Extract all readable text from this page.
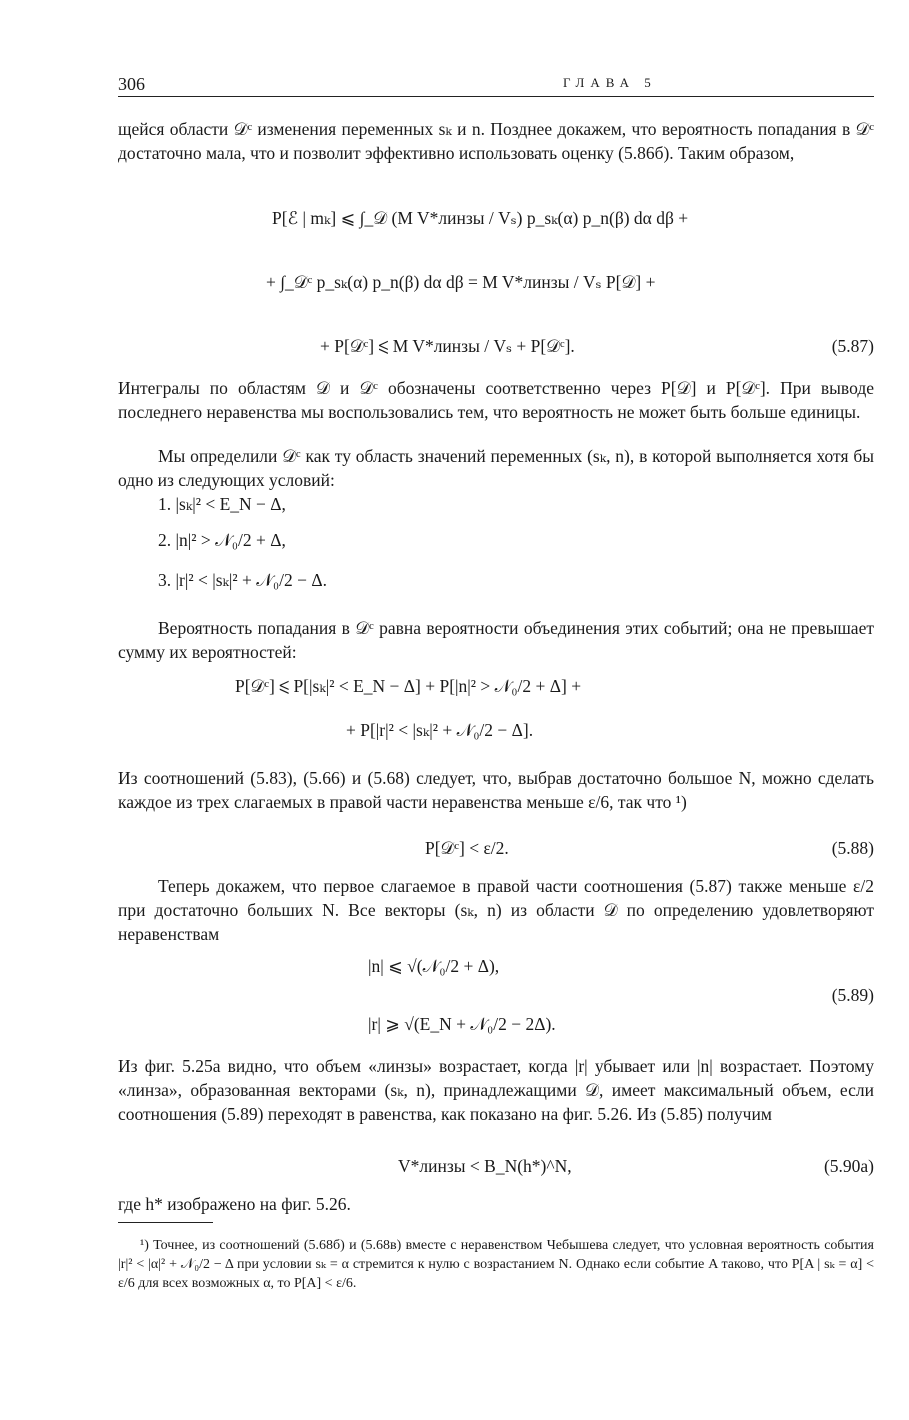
306	ГЛАВА 5

щейся области 𝒟ᶜ изменения переменных sₖ и n. Позднее докажем, что вероятность попадания в 𝒟ᶜ достаточно мала, что и позволит эффективно использовать оценку (5.86б). Таким образом,

P[ℰ | mₖ] ⩽ ∫_𝒟 (M V*линзы / Vₛ) p_sₖ(α) p_n(β) dα dβ +
+ ∫_𝒟ᶜ p_sₖ(α) p_n(β) dα dβ = M V*линзы / Vₛ P[𝒟] +
+ P[𝒟ᶜ] ⩽ M V*линзы / Vₛ + P[𝒟ᶜ].	(5.87)

Интегралы по областям 𝒟 и 𝒟ᶜ обозначены соответственно через P[𝒟] и P[𝒟ᶜ]. При выводе последнего неравенства мы воспользовались тем, что вероятность не может быть больше единицы.

Мы определили 𝒟ᶜ как ту область значений переменных (sₖ, n), в которой выполняется хотя бы одно из следующих условий:

1. |sₖ|² < E_N − Δ,
2. |n|² > 𝒩₀/2 + Δ,
3. |r|² < |sₖ|² + 𝒩₀/2 − Δ.

Вероятность попадания в 𝒟ᶜ равна вероятности объединения этих событий; она не превышает сумму их вероятностей:

P[𝒟ᶜ] ⩽ P[|sₖ|² < E_N − Δ] + P[|n|² > 𝒩₀/2 + Δ] +
+ P[|r|² < |sₖ|² + 𝒩₀/2 − Δ].

Из соотношений (5.83), (5.66) и (5.68) следует, что, выбрав достаточно большое N, можно сделать каждое из трех слагаемых в правой части неравенства меньше ε/6, так что ¹)

P[𝒟ᶜ] < ε/2.	(5.88)

Теперь докажем, что первое слагаемое в правой части соотношения (5.87) также меньше ε/2 при достаточно больших N. Все векторы (sₖ, n) из области 𝒟 по определению удовлетворяют неравенствам

|n| ⩽ √(𝒩₀/2 + Δ),
|r| ⩾ √(E_N + 𝒩₀/2 − 2Δ).
(5.89)

Из фиг. 5.25а видно, что объем «линзы» возрастает, когда |r| убывает или |n| возрастает. Поэтому «линза», образованная векторами (sₖ, n), принадлежащими 𝒟, имеет максимальный объем, если соотношения (5.89) переходят в равенства, как показано на фиг. 5.26. Из (5.85) получим

V*линзы < B_N(h*)^N,	(5.90а)

где h* изображено на фиг. 5.26.

¹) Точнее, из соотношений (5.68б) и (5.68в) вместе с неравенством Чебышева следует, что условная вероятность события |r|² < |α|² + 𝒩₀/2 − Δ при условии sₖ = α стремится к нулю с возрастанием N. Однако если событие A таково, что P[A | sₖ = α] < ε/6 для всех возможных α, то P[A] < ε/6.
